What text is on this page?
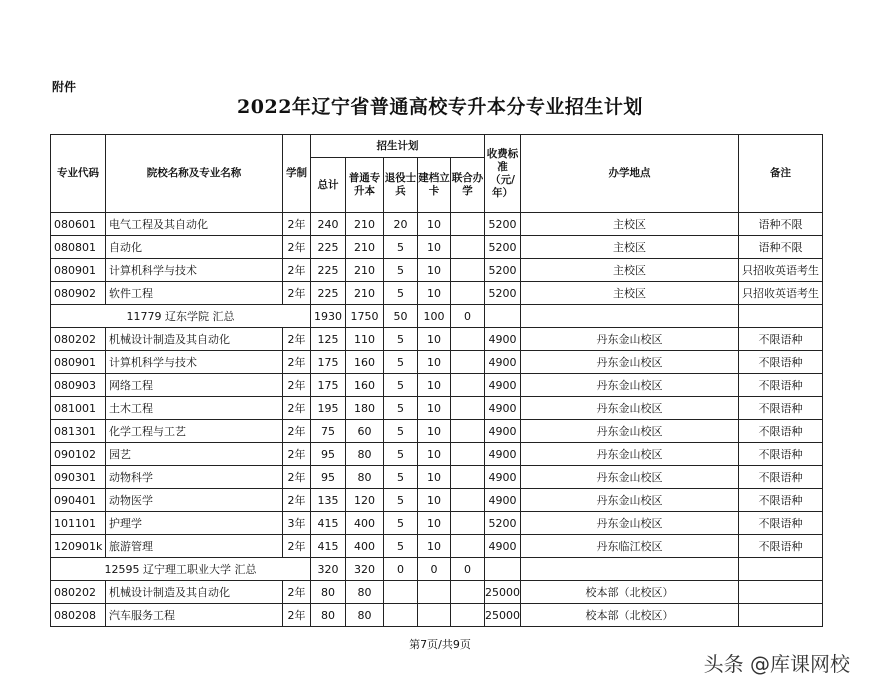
附件
2022年辽宁省普通高校专升本分专业招生计划
专业代码	院校名称及专业名称	学制	招生计划					收费标准（元/年）	办学地点	备注
			总计	普通专升本	退役士兵	建档立卡	联合办学			
080601	电气工程及其自动化	2年	240	210	20	10		5200	主校区	语种不限
080801	自动化	2年	225	210	5	10		5200	主校区	语种不限
080901	计算机科学与技术	2年	225	210	5	10		5200	主校区	只招收英语考生
080902	软件工程	2年	225	210	5	10		5200	主校区	只招收英语考生
11779 辽东学院 汇总			1930	1750	50	100	0			
080202	机械设计制造及其自动化	2年	125	110	5	10		4900	丹东金山校区	不限语种
080901	计算机科学与技术	2年	175	160	5	10		4900	丹东金山校区	不限语种
080903	网络工程	2年	175	160	5	10		4900	丹东金山校区	不限语种
081001	土木工程	2年	195	180	5	10		4900	丹东金山校区	不限语种
081301	化学工程与工艺	2年	75	60	5	10		4900	丹东金山校区	不限语种
090102	园艺	2年	95	80	5	10		4900	丹东金山校区	不限语种
090301	动物科学	2年	95	80	5	10		4900	丹东金山校区	不限语种
090401	动物医学	2年	135	120	5	10		4900	丹东金山校区	不限语种
101101	护理学	3年	415	400	5	10		5200	丹东金山校区	不限语种
120901k	旅游管理	2年	415	400	5	10		4900	丹东临江校区	不限语种
12595 辽宁理工职业大学 汇总			320	320	0	0	0			
080202	机械设计制造及其自动化	2年	80	80				25000	校本部（北校区）	
080208	汽车服务工程	2年	80	80				25000	校本部（北校区）	
第7页/共9页
头条 @库课网校
